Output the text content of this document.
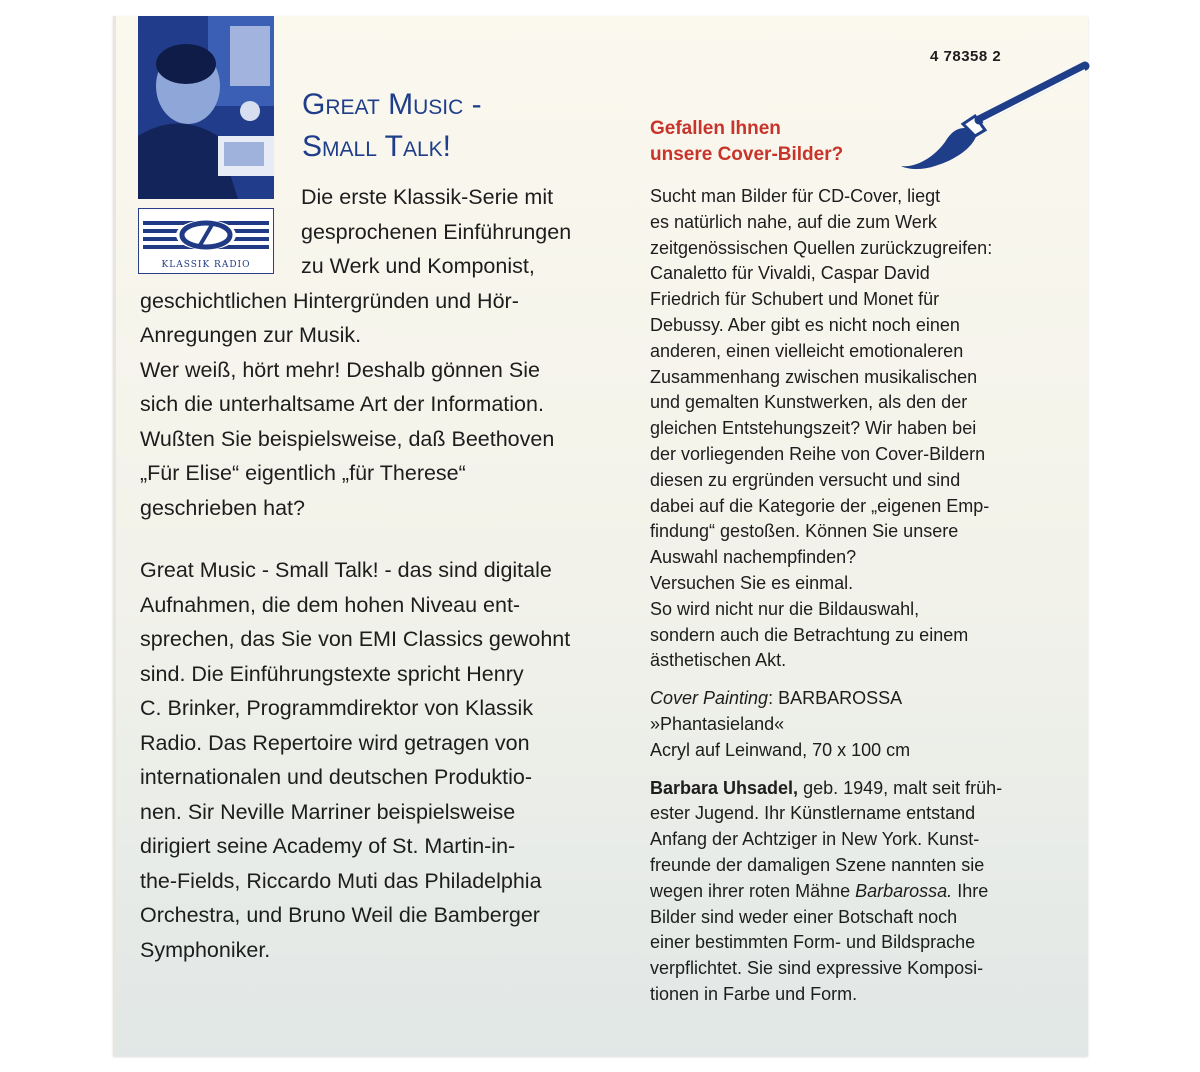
KLASSIK RADIO
Great Music -
Small Talk!
Die erste Klassik-Serie mit
gesprochenen Einführungen
zu Werk und Komponist,

geschichtlichen Hintergründen und Hör-

Anregungen zur Musik.

Wer weiß, hört mehr! Deshalb gönnen Sie

sich die unterhaltsame Art der Information.

Wußten Sie beispielsweise, daß Beethoven

„Für Elise“ eigentlich „für Therese“

geschrieben hat?

Great Music - Small Talk! - das sind digitale

Aufnahmen, die dem hohen Niveau ent-

sprechen, das Sie von EMI Classics gewohnt

sind. Die Einführungstexte spricht Henry

C. Brinker, Programmdirektor von Klassik

Radio. Das Repertoire wird getragen von

internationalen und deutschen Produktio-

nen. Sir Neville Marriner beispielsweise

dirigiert seine Academy of St. Martin-in-

the-Fields, Riccardo Muti das Philadelphia

Orchestra, und Bruno Weil die Bamberger

Symphoniker.

4 78358 2
Gefallen Ihnen
unsere Cover-Bilder?

Sucht man Bilder für CD-Cover, liegt

es natürlich nahe, auf die zum Werk

zeitgenössischen Quellen zurückzugreifen:

Canaletto für Vivaldi, Caspar David

Friedrich für Schubert und Monet für

Debussy. Aber gibt es nicht noch einen

anderen, einen vielleicht emotionaleren

Zusammenhang zwischen musikalischen

und gemalten Kunstwerken, als den der

gleichen Entstehungszeit? Wir haben bei

der vorliegenden Reihe von Cover-Bildern

diesen zu ergründen versucht und sind

dabei auf die Kategorie der „eigenen Emp-

findung“ gestoßen. Können Sie unsere

Auswahl nachempfinden?

Versuchen Sie es einmal.

So wird nicht nur die Bildauswahl,

sondern auch die Betrachtung zu einem

ästhetischen Akt.

Cover Painting: BARBAROSSA

»Phantasieland«

Acryl auf Leinwand, 70 x 100 cm

Barbara Uhsadel, geb. 1949, malt seit früh-

ester Jugend. Ihr Künstlername entstand

Anfang der Achtziger in New York. Kunst-

freunde der damaligen Szene nannten sie

wegen ihrer roten Mähne Barbarossa. Ihre

Bilder sind weder einer Botschaft noch

einer bestimmten Form- und Bildsprache

verpflichtet. Sie sind expressive Komposi-

tionen in Farbe und Form.
